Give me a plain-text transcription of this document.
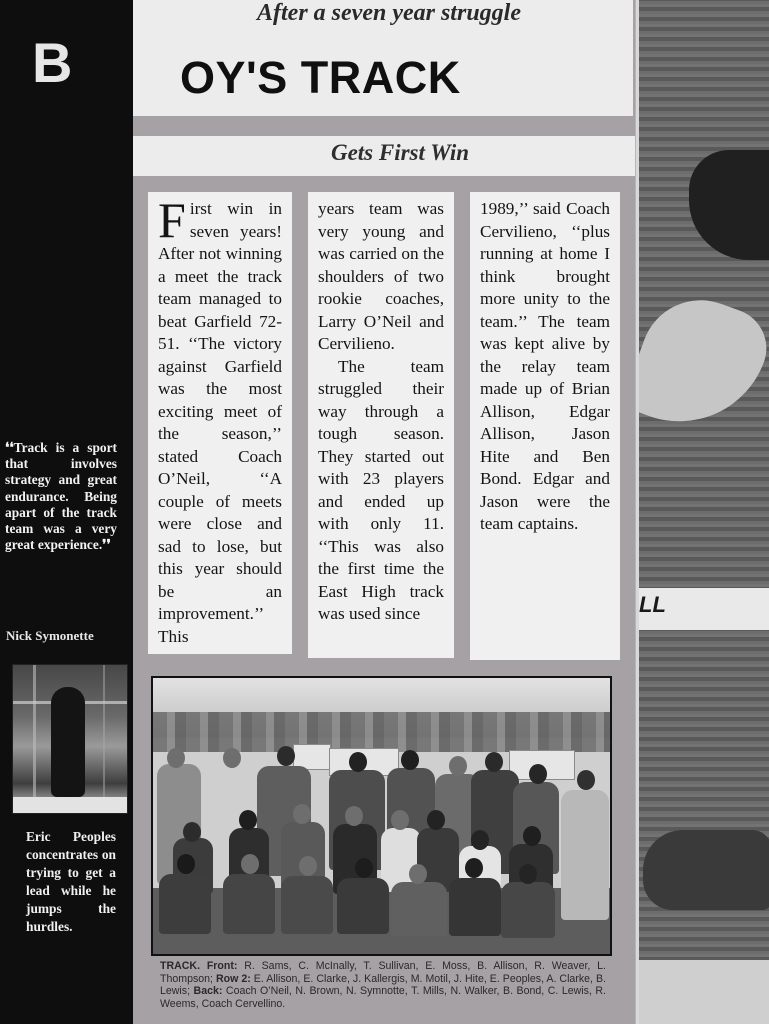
B
❛❛Track is a sport that involves strategy and great endurance. Being apart of the track team was a very great experience.❜❜
Nick Symonette
Eric Peoples concentrates on trying to get a lead while he jumps the hurdles.
After a seven year struggle
OY'S TRACK
Gets First Win
First win in seven years! After not winning a meet the track team managed to beat Garfield 72-51. ‘‘The victory against Garfield was the most exciting meet of the season,’’ stated Coach O’Neil, ‘‘A couple of meets were close and sad to lose, but this year should be an improvement.’’ This
years team was very young and was carried on the shoulders of two rookie coaches, Larry O’Neil and Cervilieno.
The team struggled their way through a tough season. They started out with 23 players and ended up with only 11. ‘‘This was also the first time the East High track was used since
1989,’’ said Coach Cervilieno, ‘‘plus running at home I think brought more unity to the team.’’ The team was kept alive by the relay team made up of Brian Allison, Edgar Allison, Jason Hite and Ben Bond. Edgar and Jason were the team captains.
TRACK. Front: R. Sams, C. McInally, T. Sullivan, E. Moss, B. Allison, R. Weaver, L. Thompson; Row 2: E. Allison, E. Clarke, J. Kallergis, M. Motil, J. Hite, E. Peoples, A. Clarke, B. Lewis; Back: Coach O’Neil, N. Brown, N. Symnotte, T. Mills, N. Walker, B. Bond, C. Lewis, R. Weems, Coach Cervellino.
LL
